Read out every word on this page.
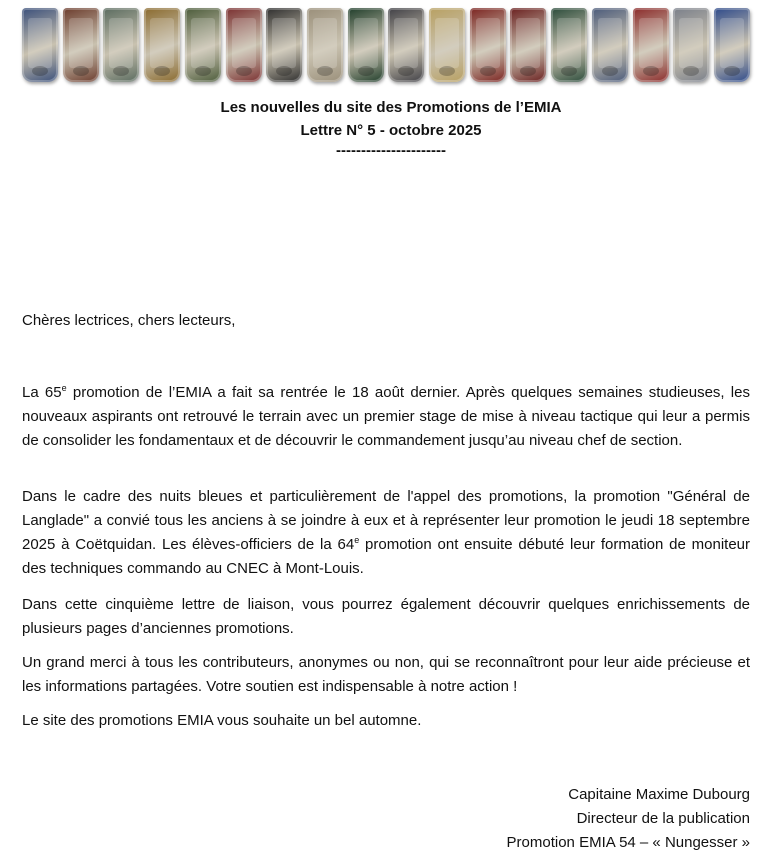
Les nouvelles du site des Promotions de l’EMIA
Lettre N° 5 - octobre 2025
----------------------
Chères lectrices, chers lecteurs,
La 65e promotion de l’EMIA a fait sa rentrée le 18 août dernier. Après quelques semaines studieuses, les nouveaux aspirants ont retrouvé le terrain avec un premier stage de mise à niveau tactique qui leur a permis de consolider les fondamentaux et de découvrir le commandement jusqu’au niveau chef de section.
Dans le cadre des nuits bleues et particulièrement de l'appel des promotions, la promotion "Général de Langlade" a convié tous les anciens à se joindre à eux et à représenter leur promotion le jeudi 18 septembre 2025 à Coëtquidan. Les élèves-officiers de la 64e promotion ont ensuite débuté leur formation de moniteur des techniques commando au CNEC à Mont-Louis.
Dans cette cinquième lettre de liaison, vous pourrez également découvrir quelques enrichissements de plusieurs pages d’anciennes promotions.
Un grand merci à tous les contributeurs, anonymes ou non, qui se reconnaîtront pour leur aide précieuse et les informations partagées. Votre soutien est indispensable à notre action !
Le site des promotions EMIA vous souhaite un bel automne.
Capitaine Maxime Dubourg
Directeur de la publication
Promotion EMIA 54 – « Nungesser »
